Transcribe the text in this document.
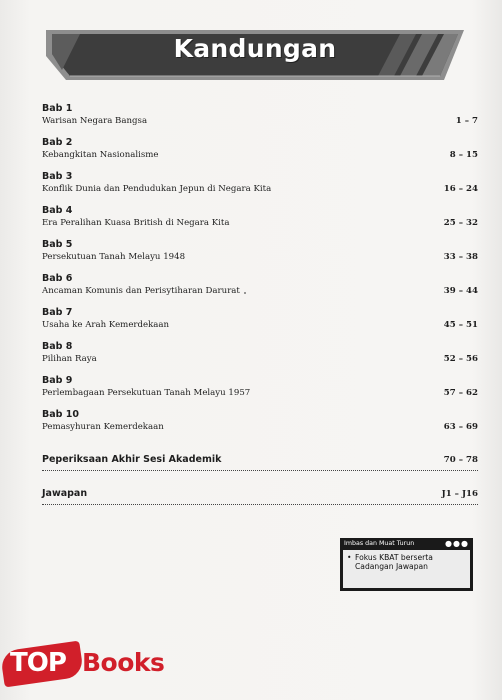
Kandungan
Bab 1
Warisan Negara Bangsa	1 – 7
Bab 2
Kebangkitan Nasionalisme	8 – 15
Bab 3
Konflik Dunia dan Pendudukan Jepun di Negara Kita	16 – 24
Bab 4
Era Peralihan Kuasa British di Negara Kita	25 – 32
Bab 5
Persekutuan Tanah Melayu 1948	33 – 38
Bab 6
Ancaman Komunis dan Perisytiharan Darurat	39 – 44
Bab 7
Usaha ke Arah Kemerdekaan	45 – 51
Bab 8
Pilihan Raya	52 – 56
Bab 9
Perlembagaan Persekutuan Tanah Melayu 1957	57 – 62
Bab 10
Pemasyhuran Kemerdekaan	63 – 69
Peperiksaan Akhir Sesi Akademik	70 – 78
Jawapan	J1 – J16
Imbas dan Muat Turun	●●●
• Fokus KBAT berserta Cadangan Jawapan
TOP Books
